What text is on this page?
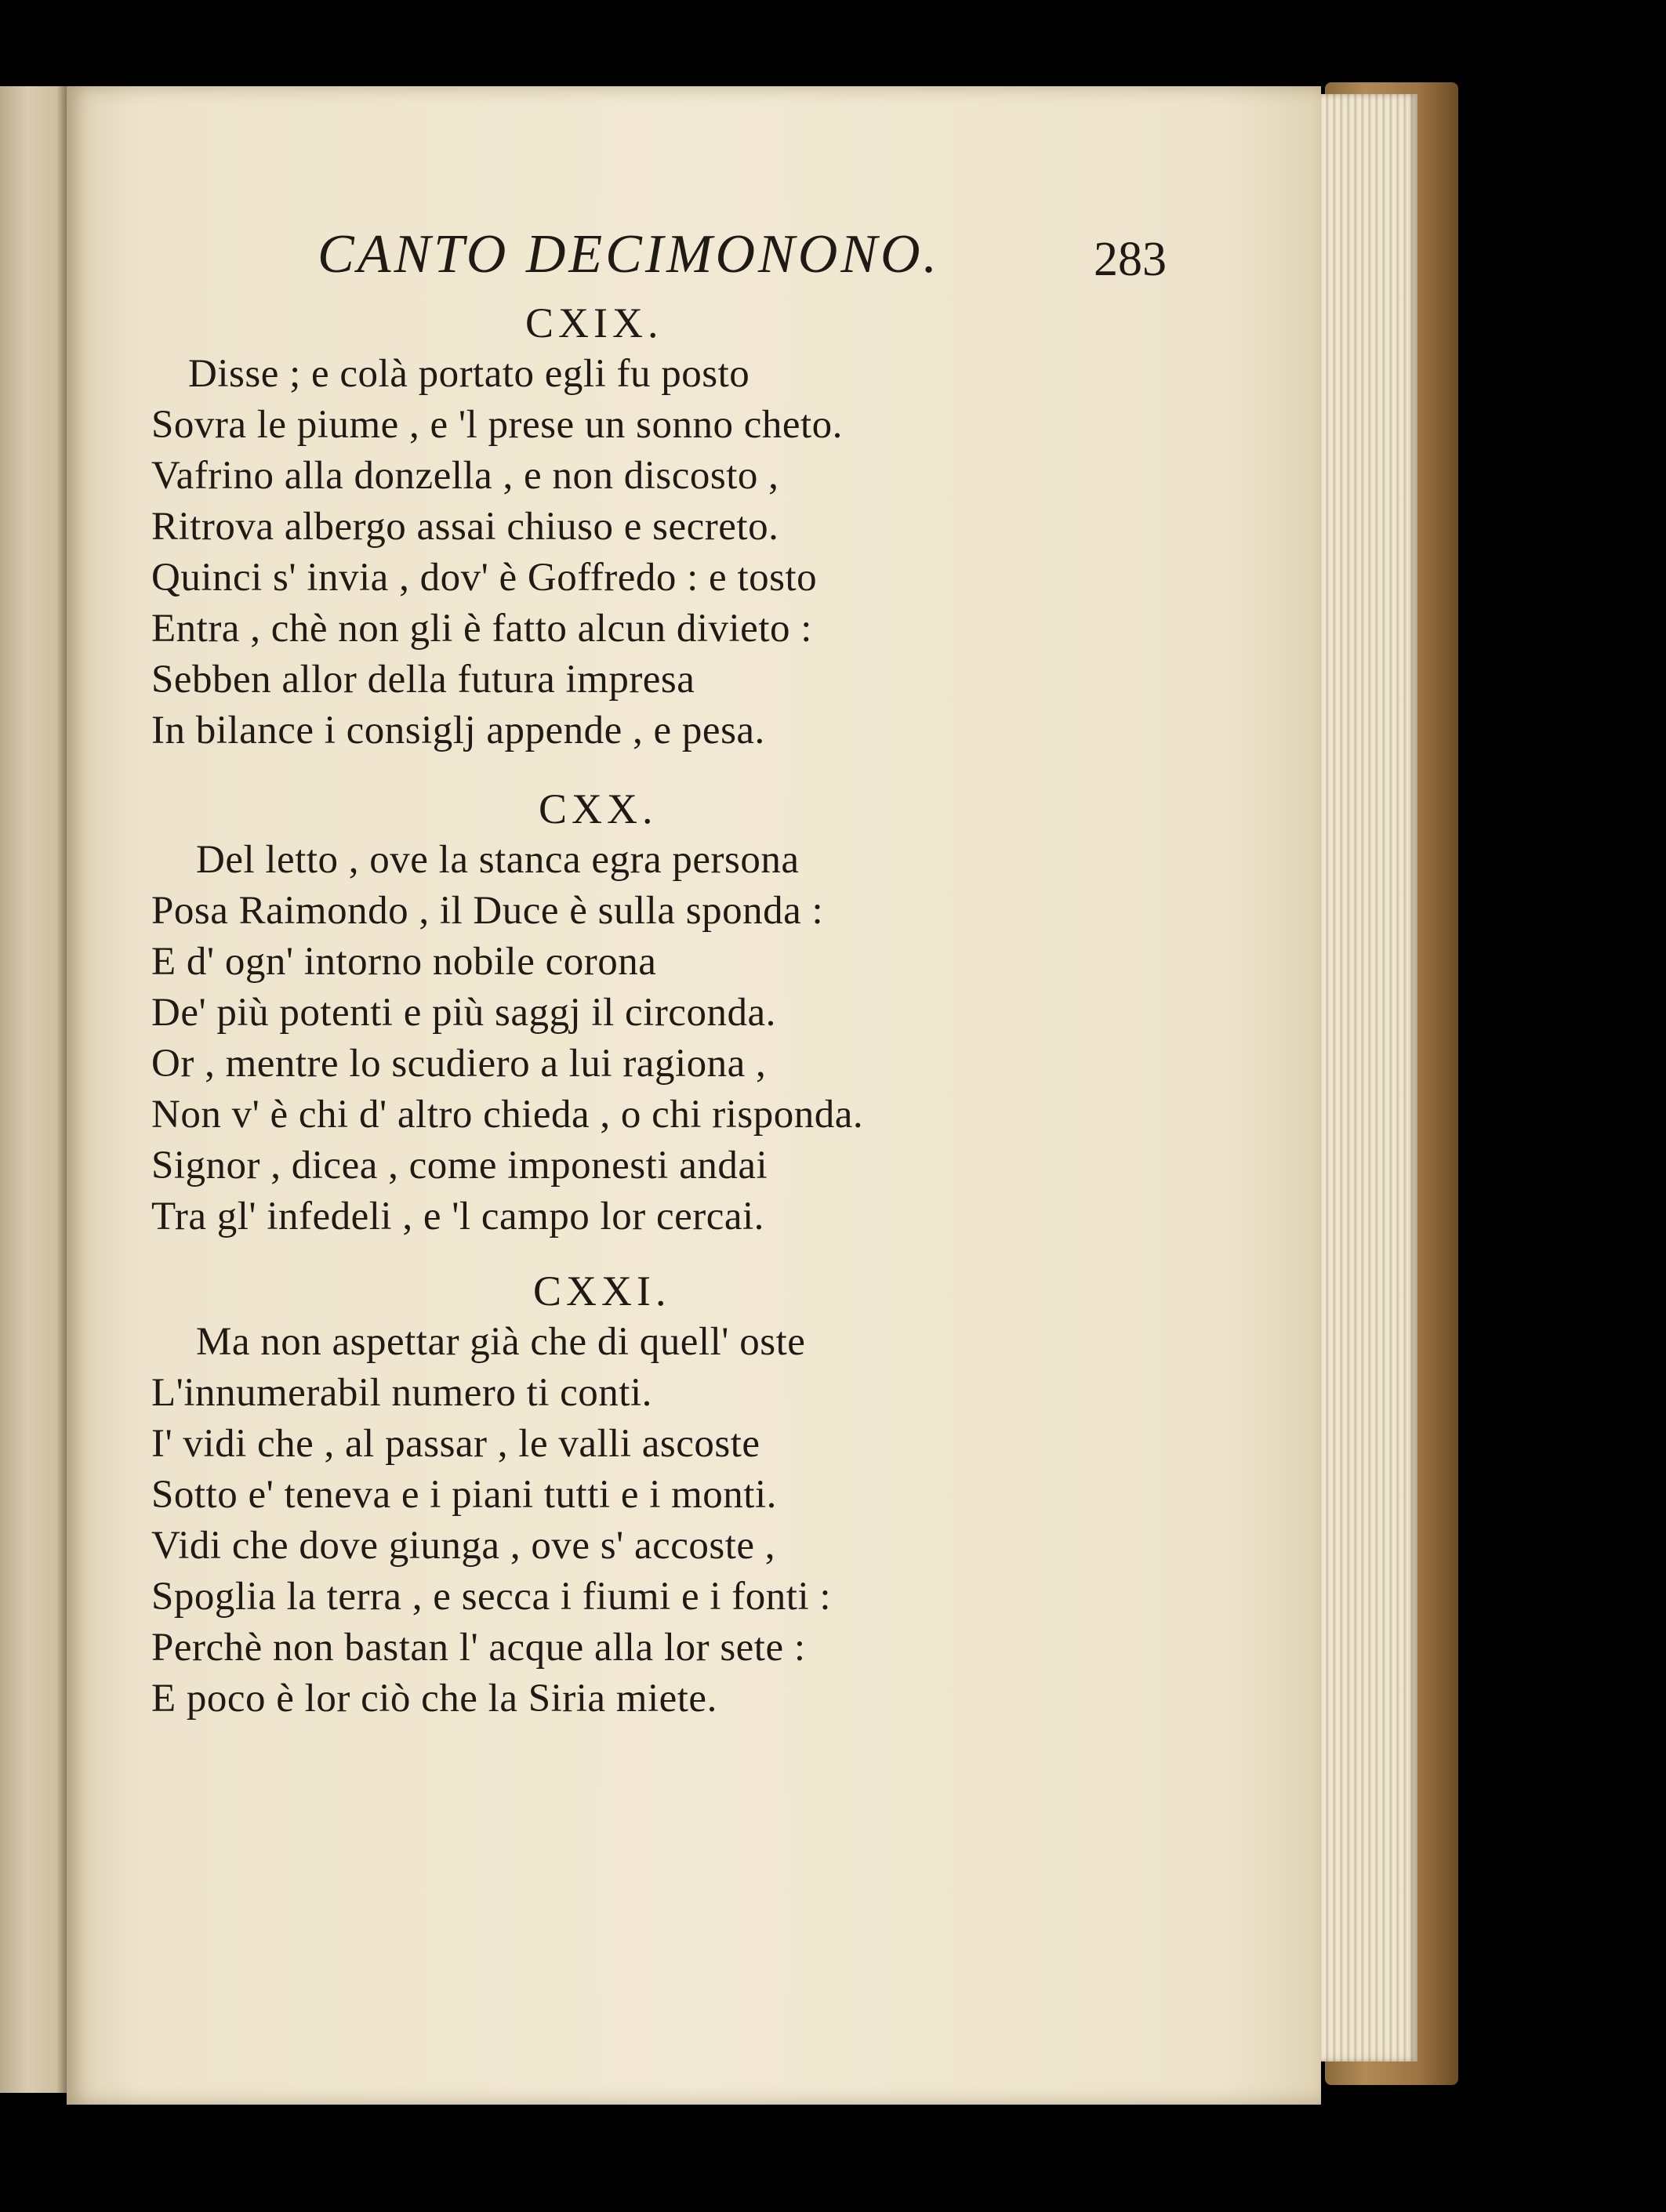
CANTO DECIMONONO.	283
CXIX.
Disse ; e colà portato egli fu posto
Sovra le piume , e 'l prese un sonno cheto.
Vafrino alla donzella , e non discosto ,
Ritrova albergo assai chiuso e secreto.
Quinci s' invia , dov' è Goffredo : e tosto
Entra , chè non gli è fatto alcun divieto :
Sebben allor della futura impresa
In bilance i consiglj appende , e pesa.
CXX.
Del letto , ove la stanca egra persona
Posa Raimondo , il Duce è sulla sponda :
E d' ogn' intorno nobile corona
De' più potenti e più saggj il circonda.
Or , mentre lo scudiero a lui ragiona ,
Non v' è chi d' altro chieda , o chi risponda.
Signor , dicea , come imponesti andai
Tra gl' infedeli , e 'l campo lor cercai.
CXXI.
Ma non aspettar già che di quell' oste
L'innumerabil numero ti conti.
I' vidi che , al passar , le valli ascoste
Sotto e' teneva e i piani tutti e i monti.
Vidi che dove giunga , ove s' accoste ,
Spoglia la terra , e secca i fiumi e i fonti :
Perchè non bastan l' acque alla lor sete :
E poco è lor ciò che la Siria miete.
